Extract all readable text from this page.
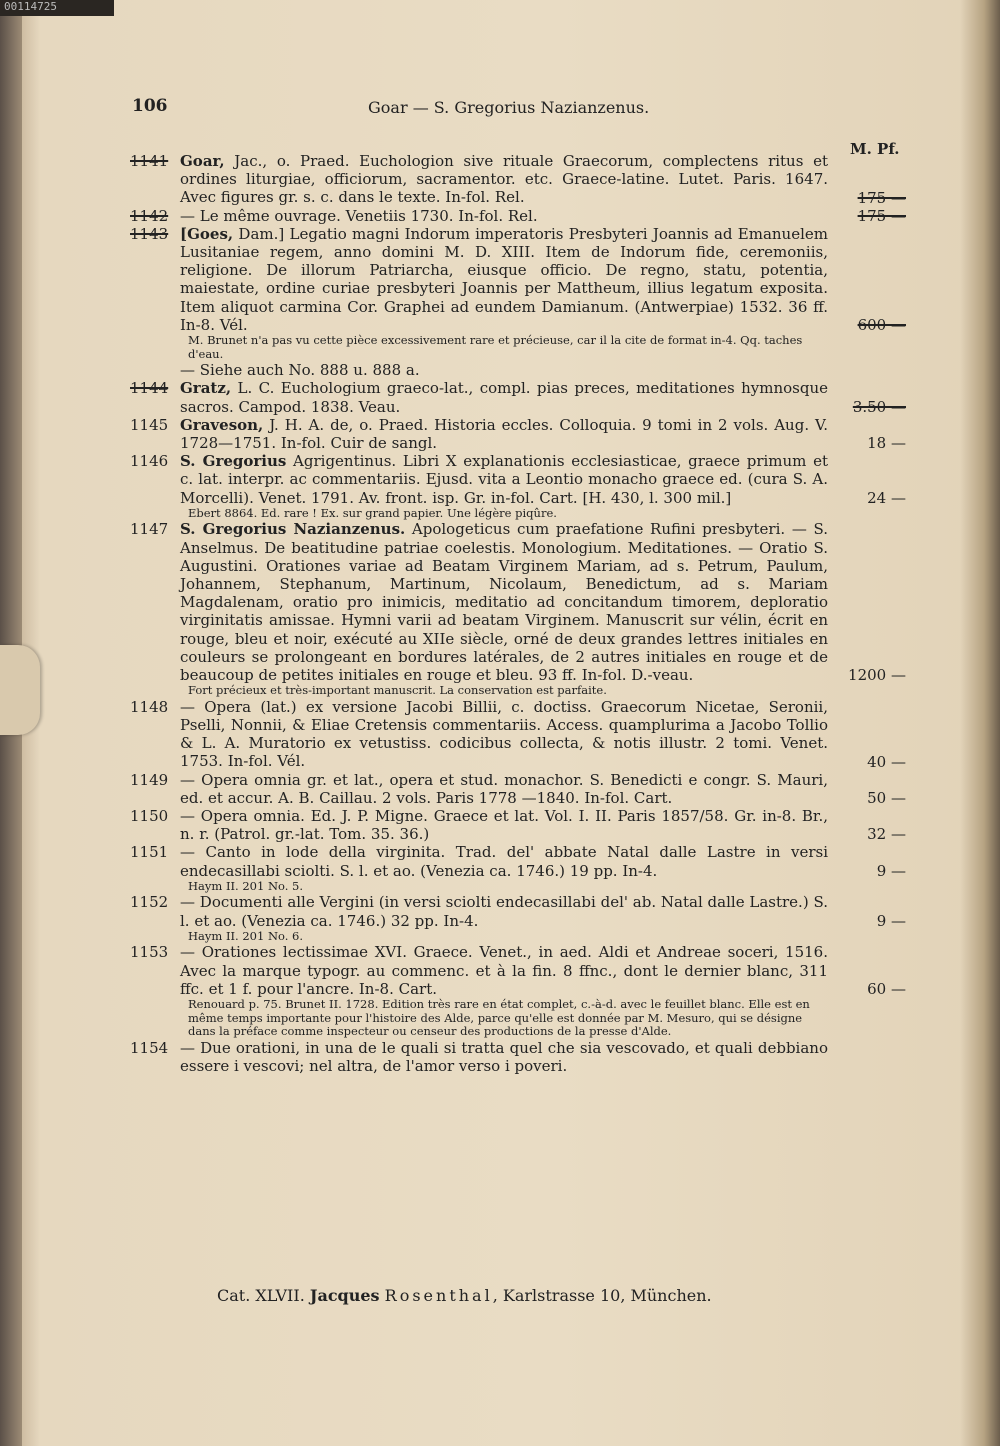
00114725
106	Goar — S. Gregorius Nazianzenus.
M. Pf.
1141 Goar, Jac., o. Praed. Euchologion sive rituale Graecorum, complectens ritus et ordines liturgiae, officiorum, sacramentor. etc. Graece-latine. Lutet. Paris. 1647. Avec figures gr. s. c. dans le texte. In-fol. Rel.	175 —
1142 — Le même ouvrage. Venetiis 1730. In-fol. Rel.	175 —
1143 [Goes, Dam.] Legatio magni Indorum imperatoris Presbyteri Joannis ad Emanuelem Lusitaniae regem, anno domini M. D. XIII. Item de Indorum fide, ceremoniis, religione. De illorum Patriarcha, eiusque officio. De regno, statu, potentia, maiestate, ordine curiae presbyteri Joannis per Mattheum, illius legatum exposita. Item aliquot carmina Cor. Graphei ad eundem Damianum. (Antwerpiae) 1532. 36 ff. In-8. Vél.	600 —
M. Brunet n'a pas vu cette pièce excessivement rare et précieuse, car il la cite de format in-4. Qq. taches d'eau.
— Siehe auch No. 888 u. 888 a.
1144 Gratz, L. C. Euchologium graeco-lat., compl. pias preces, meditationes hymnosque sacros. Campod. 1838. Veau.	3.50 —
1145 Graveson, J. H. A. de, o. Praed. Historia eccles. Colloquia. 9 tomi in 2 vols. Aug. V. 1728—1751. In-fol. Cuir de sangl.	18 —
1146 S. Gregorius Agrigentinus. Libri X explanationis ecclesiasticae, graece primum et c. lat. interpr. ac commentariis. Ejusd. vita a Leontio monacho graece ed. (cura S. A. Morcelli). Venet. 1791. Av. front. isp. Gr. in-fol. Cart. [H. 430, l. 300 mil.]	24 —
Ebert 8864. Ed. rare ! Ex. sur grand papier. Une légère piqûre.
1147 S. Gregorius Nazianzenus. Apologeticus cum praefatione Rufini presbyteri. — S. Anselmus. De beatitudine patriae coelestis. Monologium. Meditationes. — Oratio S. Augustini. Orationes variae ad Beatam Virginem Mariam, ad s. Petrum, Paulum, Johannem, Stephanum, Martinum, Nicolaum, Benedictum, ad s. Mariam Magdalenam, oratio pro inimicis, meditatio ad concitandum timorem, deploratio virginitatis amissae. Hymni varii ad beatam Virginem. Manuscrit sur vélin, écrit en rouge, bleu et noir, exécuté au XIIe siècle, orné de deux grandes lettres initiales en couleurs se prolongeant en bordures latérales, de 2 autres initiales en rouge et de beaucoup de petites initiales en rouge et bleu. 93 ff. In-fol. D.-veau.	1200 —
Fort précieux et très-important manuscrit. La conservation est parfaite.
1148 — Opera (lat.) ex versione Jacobi Billii, c. doctiss. Graecorum Nicetae, Seronii, Pselli, Nonnii, & Eliae Cretensis commentariis. Access. quamplurima a Jacobo Tollio & L. A. Muratorio ex vetustiss. codicibus collecta, & notis illustr. 2 tomi. Venet. 1753. In-fol. Vél.	40 —
1149 — Opera omnia gr. et lat., opera et stud. monachor. S. Benedicti e congr. S. Mauri, ed. et accur. A. B. Caillau. 2 vols. Paris 1778 —1840. In-fol. Cart.	50 —
1150 — Opera omnia. Ed. J. P. Migne. Graece et lat. Vol. I. II. Paris 1857/58. Gr. in-8. Br., n. r. (Patrol. gr.-lat. Tom. 35. 36.)	32 —
1151 — Canto in lode della virginita. Trad. del' abbate Natal dalle Lastre in versi endecasillabi sciolti. S. l. et ao. (Venezia ca. 1746.) 19 pp. In-4.	9 —
Haym II. 201 No. 5.
1152 — Documenti alle Vergini (in versi sciolti endecasillabi del' ab. Natal dalle Lastre.) S. l. et ao. (Venezia ca. 1746.) 32 pp. In-4.	9 —
Haym II. 201 No. 6.
1153 — Orationes lectissimae XVI. Graece. Venet., in aed. Aldi et Andreae soceri, 1516. Avec la marque typogr. au commenc. et à la fin. 8 ffnc., dont le dernier blanc, 311 ffc. et 1 f. pour l'ancre. In-8. Cart.	60 —
Renouard p. 75. Brunet II. 1728. Edition très rare en état complet, c.-à-d. avec le feuillet blanc. Elle est en même temps importante pour l'histoire des Alde, parce qu'elle est donnée par M. Mesuro, qui se désigne dans la préface comme inspecteur ou censeur des productions de la presse d'Alde.
1154 — Due orationi, in una de le quali si tratta quel che sia vescovado, et quali debbiano essere i vescovi; nel altra, de l'amor verso i poveri.
Cat. XLVII. Jacques Rosenthal, Karlstrasse 10, München.
